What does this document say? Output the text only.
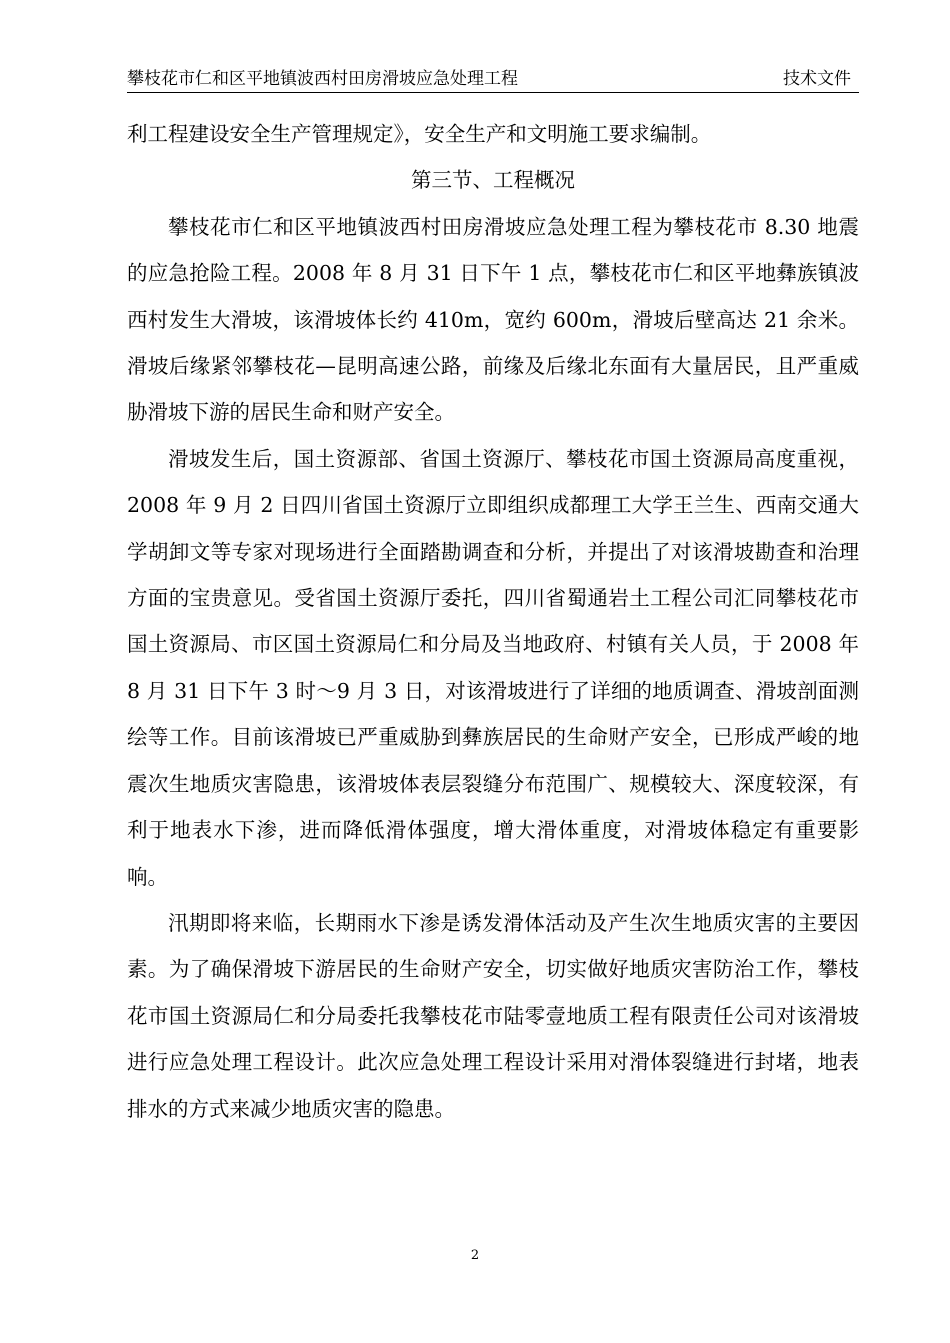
攀枝花市仁和区平地镇波西村田房滑坡应急处理工程	技术文件

利工程建设安全生产管理规定》，安全生产和文明施工要求编制。

第三节、工程概况

攀枝花市仁和区平地镇波西村田房滑坡应急处理工程为攀枝花市 8.30 地震的应急抢险工程。2008 年 8 月 31 日下午 1 点，攀枝花市仁和区平地彝族镇波西村发生大滑坡，该滑坡体长约 410m，宽约 600m，滑坡后壁高达 21 余米。滑坡后缘紧邻攀枝花—昆明高速公路，前缘及后缘北东面有大量居民，且严重威胁滑坡下游的居民生命和财产安全。

滑坡发生后，国土资源部、省国土资源厅、攀枝花市国土资源局高度重视，2008 年 9 月 2 日四川省国土资源厅立即组织成都理工大学王兰生、西南交通大学胡卸文等专家对现场进行全面踏勘调查和分析，并提出了对该滑坡勘查和治理方面的宝贵意见。受省国土资源厅委托，四川省蜀通岩土工程公司汇同攀枝花市国土资源局、市区国土资源局仁和分局及当地政府、村镇有关人员，于 2008 年 8 月 31 日下午 3 时～9 月 3 日，对该滑坡进行了详细的地质调查、滑坡剖面测绘等工作。目前该滑坡已严重威胁到彝族居民的生命财产安全，已形成严峻的地震次生地质灾害隐患，该滑坡体表层裂缝分布范围广、规模较大、深度较深，有利于地表水下渗，进而降低滑体强度，增大滑体重度，对滑坡体稳定有重要影响。

汛期即将来临，长期雨水下渗是诱发滑体活动及产生次生地质灾害的主要因素。为了确保滑坡下游居民的生命财产安全，切实做好地质灾害防治工作，攀枝花市国土资源局仁和分局委托我攀枝花市陆零壹地质工程有限责任公司对该滑坡进行应急处理工程设计。此次应急处理工程设计采用对滑体裂缝进行封堵，地表排水的方式来减少地质灾害的隐患。

2
